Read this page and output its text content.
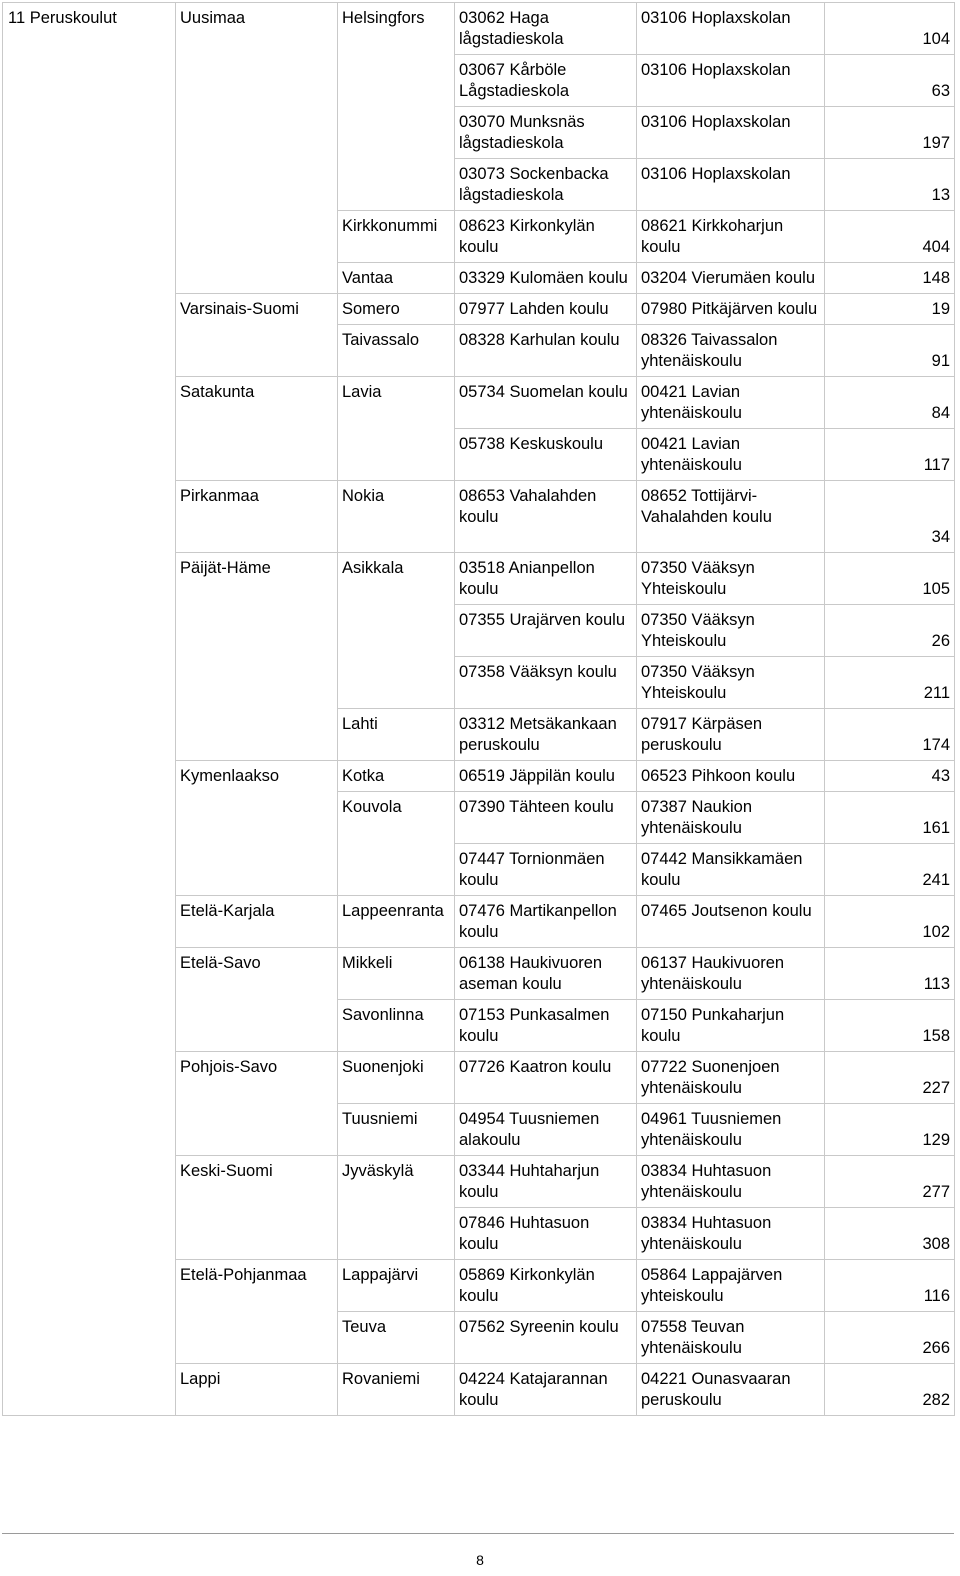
11 Peruskoulut	Uusimaa	Helsingfors	03062 Haga lågstadieskola	03106 Hoplaxskolan	104
			03067 Kårböle Lågstadieskola	03106 Hoplaxskolan	63
			03070 Munksnäs lågstadieskola	03106 Hoplaxskolan	197
			03073 Sockenbacka lågstadieskola	03106 Hoplaxskolan	13
		Kirkkonummi	08623 Kirkonkylän koulu	08621 Kirkkoharjun koulu	404
		Vantaa	03329 Kulomäen koulu	03204 Vierumäen koulu	148
	Varsinais-Suomi	Somero	07977 Lahden koulu	07980 Pitkäjärven koulu	19
		Taivassalo	08328 Karhulan koulu	08326 Taivassalon yhtenäiskoulu	91
	Satakunta	Lavia	05734 Suomelan koulu	00421 Lavian yhtenäiskoulu	84
			05738 Keskuskoulu	00421 Lavian yhtenäiskoulu	117
	Pirkanmaa	Nokia	08653 Vahalahden koulu	08652 Tottijärvi-Vahalahden koulu	34
	Päijät-Häme	Asikkala	03518 Anianpellon koulu	07350 Vääksyn Yhteiskoulu	105
			07355 Urajärven koulu	07350 Vääksyn Yhteiskoulu	26
			07358 Vääksyn koulu	07350 Vääksyn Yhteiskoulu	211
		Lahti	03312 Metsäkankaan peruskoulu	07917 Kärpäsen peruskoulu	174
	Kymenlaakso	Kotka	06519 Jäppilän koulu	06523 Pihkoon koulu	43
		Kouvola	07390 Tähteen koulu	07387 Naukion yhtenäiskoulu	161
			07447 Tornionmäen koulu	07442 Mansikkamäen koulu	241
	Etelä-Karjala	Lappeenranta	07476 Martikanpellon koulu	07465 Joutsenon koulu	102
	Etelä-Savo	Mikkeli	06138 Haukivuoren aseman koulu	06137 Haukivuoren yhtenäiskoulu	113
		Savonlinna	07153 Punkasalmen koulu	07150 Punkaharjun koulu	158
	Pohjois-Savo	Suonenjoki	07726 Kaatron koulu	07722 Suonenjoen yhtenäiskoulu	227
		Tuusniemi	04954 Tuusniemen alakoulu	04961 Tuusniemen yhtenäiskoulu	129
	Keski-Suomi	Jyväskylä	03344 Huhtaharjun koulu	03834 Huhtasuon yhtenäiskoulu	277
			07846 Huhtasuon koulu	03834 Huhtasuon yhtenäiskoulu	308
	Etelä-Pohjanmaa	Lappajärvi	05869 Kirkonkylän koulu	05864 Lappajärven yhteiskoulu	116
		Teuva	07562 Syreenin koulu	07558 Teuvan yhtenäiskoulu	266
	Lappi	Rovaniemi	04224 Katajarannan koulu	04221 Ounasvaaran peruskoulu	282
8
